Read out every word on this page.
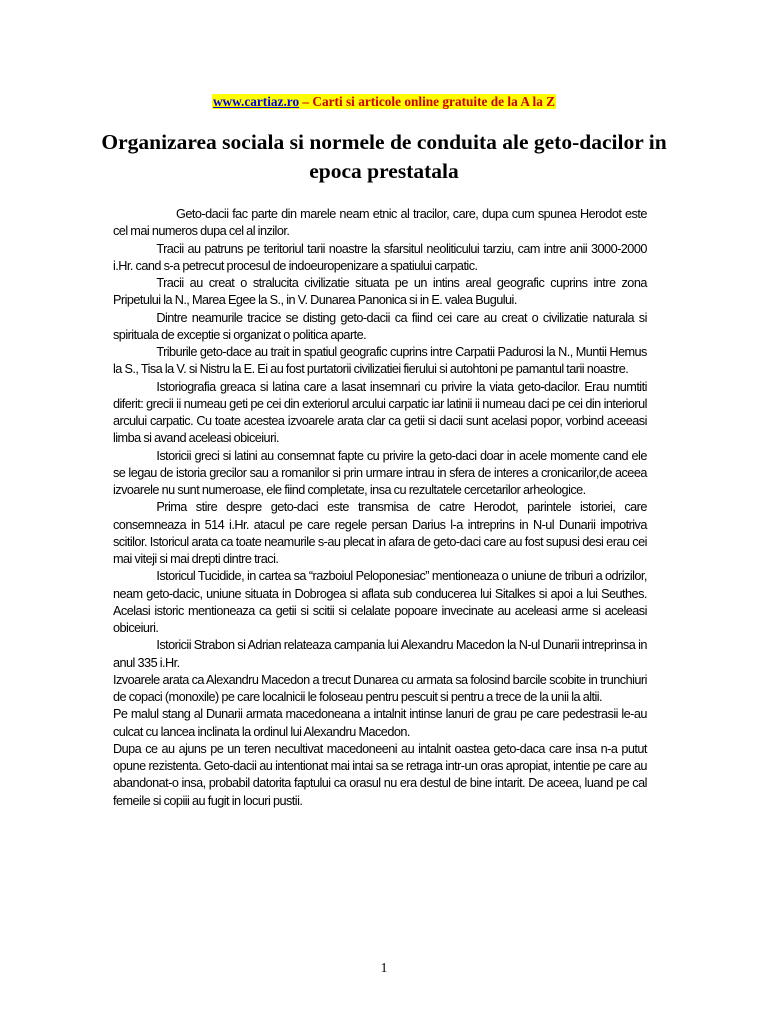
www.cartiaz.ro – Carti si articole online gratuite de la A la Z
Organizarea sociala si normele de conduita ale geto-dacilor in epoca prestatala

Geto-dacii fac parte din marele neam etnic al tracilor, care, dupa cum spunea Herodot este cel mai numeros dupa cel al inzilor.

Tracii au patruns pe teritoriul tarii noastre la sfarsitul neoliticului tarziu, cam intre anii 3000-2000 i.Hr. cand s-a petrecut procesul de indoeuropenizare a spatiului carpatic.

Tracii au creat o stralucita civilizatie situata pe un intins areal geografic cuprins intre zona Pripetului la N., Marea Egee la S., in V. Dunarea Panonica si in E. valea Bugului.

Dintre neamurile tracice se disting geto-dacii ca fiind cei care au creat o civilizatie naturala si spirituala de exceptie si organizat o politica aparte.

Triburile geto-dace au trait in spatiul geografic cuprins intre Carpatii Padurosi la N., Muntii Hemus la S., Tisa la V. si Nistru la E. Ei au fost purtatorii civilizatiei fierului si autohtoni pe pamantul tarii noastre.

Istoriografia greaca si latina care a lasat insemnari cu privire la viata geto-dacilor. Erau numtiti diferit: grecii ii numeau geti pe cei din exteriorul arcului carpatic iar latinii ii numeau daci pe cei din interiorul arcului carpatic. Cu toate acestea izvoarele arata clar ca getii si dacii sunt acelasi popor, vorbind aceeasi limba si avand aceleasi obiceiuri.

Istoricii greci si latini au consemnat fapte cu privire la geto-daci doar in acele momente cand ele se legau de istoria grecilor sau a romanilor si prin urmare intrau in sfera de interes a cronicarilor,de aceea izvoarele nu sunt numeroase, ele fiind completate, insa cu rezultatele cercetarilor arheologice.

Prima stire despre geto-daci este transmisa de catre Herodot, parintele istoriei, care consemneaza in 514 i.Hr. atacul pe care regele persan Darius l-a intreprins in N-ul Dunarii impotriva scitilor. Istoricul arata ca toate neamurile s-au plecat in afara de geto-daci care au fost supusi desi erau cei mai viteji si mai drepti dintre traci.

Istoricul Tucidide, in cartea sa “razboiul Peloponesiac” mentioneaza o uniune de triburi a odrizilor, neam geto-dacic, uniune situata in Dobrogea si aflata sub conducerea lui Sitalkes si apoi a lui Seuthes. Acelasi istoric mentioneaza ca getii si scitii si celalate popoare invecinate au aceleasi arme si aceleasi obiceiuri.

Istoricii Strabon si Adrian relateaza campania lui Alexandru Macedon la N-ul Dunarii intreprinsa in anul 335 i.Hr.

Izvoarele arata ca Alexandru Macedon a trecut Dunarea cu armata sa folosind barcile scobite in trunchiuri de copaci (monoxile) pe care localnicii le foloseau pentru pescuit si pentru a trece de la unii la altii.

Pe malul stang al Dunarii armata macedoneana a intalnit intinse lanuri de grau pe care pedestrasii le-au culcat cu lancea inclinata la ordinul lui Alexandru Macedon.

Dupa ce au ajuns pe un teren necultivat macedoneeni au intalnit oastea geto-daca care insa n-a putut opune rezistenta. Geto-dacii au intentionat mai intai sa se retraga intr-un oras apropiat, intentie pe care au abandonat-o insa, probabil datorita faptului ca orasul nu era destul de bine intarit. De aceea, luand pe cal femeile si copiii au fugit in locuri pustii.

1
